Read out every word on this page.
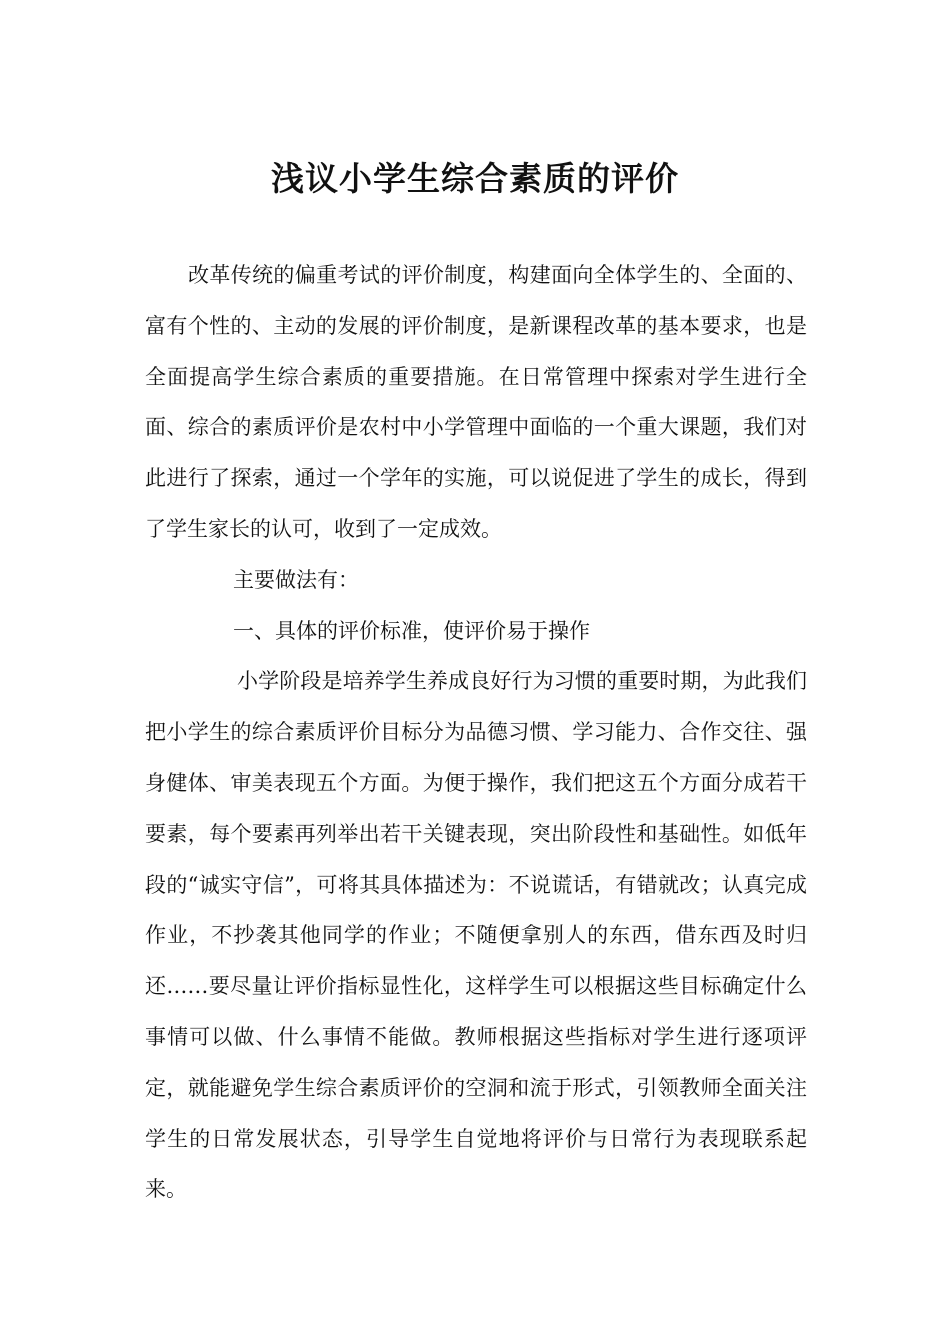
浅议小学生综合素质的评价

改革传统的偏重考试的评价制度，构建面向全体学生的、全面的、富有个性的、主动的发展的评价制度，是新课程改革的基本要求，也是全面提高学生综合素质的重要措施。在日常管理中探索对学生进行全面、综合的素质评价是农村中小学管理中面临的一个重大课题，我们对此进行了探索，通过一个学年的实施，可以说促进了学生的成长，得到了学生家长的认可，收到了一定成效。

主要做法有：

一、具体的评价标准，使评价易于操作

小学阶段是培养学生养成良好行为习惯的重要时期，为此我们把小学生的综合素质评价目标分为品德习惯、学习能力、合作交往、强身健体、审美表现五个方面。为便于操作，我们把这五个方面分成若干要素，每个要素再列举出若干关键表现，突出阶段性和基础性。如低年段的“诚实守信”，可将其具体描述为：不说谎话，有错就改；认真完成作业，不抄袭其他同学的作业；不随便拿别人的东西，借东西及时归还……要尽量让评价指标显性化，这样学生可以根据这些目标确定什么事情可以做、什么事情不能做。教师根据这些指标对学生进行逐项评定，就能避免学生综合素质评价的空洞和流于形式，引领教师全面关注学生的日常发展状态，引导学生自觉地将评价与日常行为表现联系起来。
